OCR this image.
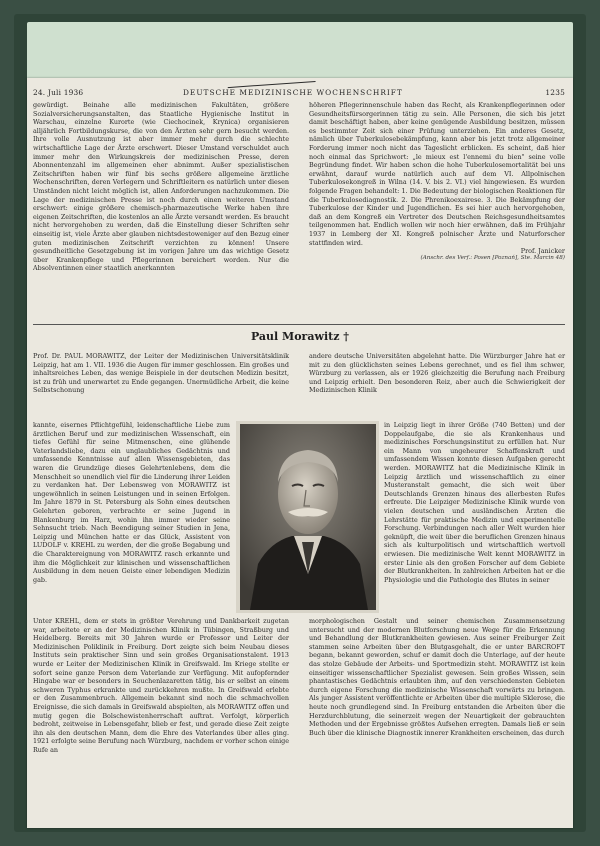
24. Juli 1936	DEUTSCHE MEDIZINISCHE WOCHENSCHRIFT	1235

gewürdigt. Beinahe alle medizinischen Fakultäten, größere Sozialversicherungsanstalten, das Staatliche Hygienische Institut in Warschau, einzelne Kurorte (wie Ciechocinek, Krynica) organisieren alljährlich Fortbildungskurse, die von den Ärzten sehr gern besucht werden. Ihre volle Ausnutzung ist aber immer mehr durch die schlechte wirtschaftliche Lage der Ärzte erschwert. Dieser Umstand verschuldet auch immer mehr den Wirkungskreis der medizinischen Presse, deren Abonnentenzahl im allgemeinen eher abnimmt. Außer spezialistischen Zeitschriften haben wir fünf bis sechs größere allgemeine ärztliche Wochenschriften, deren Verlegern und Schriftleitern es natürlich unter diesen Umständen nicht leicht möglich ist, allen Anforderungen nachzukommen. Die Lage der medizinischen Presse ist noch durch einen weiteren Umstand erschwert: einige größere chemisch-pharmazeutische Werke haben ihre eigenen Zeitschriften, die kostenlos an alle Ärzte versandt werden. Es braucht nicht hervorgehoben zu werden, daß die Einstellung dieser Schriften sehr einseitig ist, viele Ärzte aber glauben nichtsdestoweniger auf den Bezug einer guten medizinischen Zeitschrift verzichten zu können! Unsere gesundheitliche Gesetzgebung ist im vorigen Jahre um das wichtige Gesetz über Krankenpflege und Pflegerinnen bereichert worden. Nur die Absolventinnen einer staatlich anerkannten

höheren Pflegerinnenschule haben das Recht, als Krankenpflegerinnen oder Gesundheitsfürsorgerinnen tätig zu sein. Alle Personen, die sich bis jetzt damit beschäftigt haben, aber keine genügende Ausbildung besitzen, müssen es bestimmter Zeit sich einer Prüfung unterziehen. Ein anderes Gesetz, nämlich über Tuberkulosebekämpfung, kann aber bis jetzt trotz allgemeiner Forderung immer noch nicht das Tageslicht erblicken. Es scheint, daß hier noch einmal das Sprichwort: „le mieux est l'ennemi du bien" seine volle Begründung findet. Wir haben schon die hohe Tuberkulosemortalität bei uns erwähnt, darauf wurde natürlich auch auf dem VI. Allpolnischen Tuberkulosekongreß in Wilna (14. V. bis 2. VI.) viel hingewiesen. Es wurden folgende Fragen behandelt: 1. Die Bedeutung der biologischen Reaktionen für die Tuberkulosediagnostik. 2. Die Phrenikoexairese. 3. Die Bekämpfung der Tuberkulose der Kinder und Jugendlichen. Es sei hier auch hervorgehoben, daß an dem Kongreß ein Vertreter des Deutschen Reichsgesundheitsamtes teilgenommen hat. Endlich wollen wir noch hier erwähnen, daß im Frühjahr 1937 in Lemberg der XI. Kongreß polnischer Ärzte und Naturforscher stattfinden wird.

Prof. Janicker

(Anschr. des Verf.: Posen [Poznań], Ste. Marcin 48)

Paul Morawitz †

Prof. Dr. PAUL MORAWITZ, der Leiter der Medizinischen Universitätsklinik Leipzig, hat am 1. VII. 1936 die Augen für immer geschlossen. Ein großes und inhaltsreiches Leben, das wenige Beispiele in der deutschen Medizin besitzt, ist zu früh und unerwartet zu Ende gegangen. Unermüdliche Arbeit, die keine Selbstschonung

andere deutsche Universitäten abgelehnt hatte. Die Würzburger Jahre hat er mit zu den glücklichsten seines Lebens gerechnet, und es fiel ihm schwer, Würzburg zu verlassen, als er 1926 gleichzeitig die Berufung nach Freiburg und Leipzig erhielt. Den besonderen Reiz, aber auch die Schwierigkeit der Medizinischen Klinik

kannte, eisernes Pflichtgefühl, leidenschaftliche Liebe zum ärztlichen Beruf und zur medizinischen Wissenschaft, ein tiefes Gefühl für seine Mitmenschen, eine glühende Vaterlandsliebe, dazu ein unglaubliches Gedächtnis und umfassende Kenntnisse auf allen Wissensgebieten, das waren die Grundzüge dieses Gelehrtenlebens, dem die Menschheit so unendlich viel für die Linderung ihrer Leiden zu verdanken hat. Der Lebensweg von MORAWITZ ist ungewöhnlich in seinen Leistungen und in seinen Erfolgen. Im Jahre 1879 in St. Petersburg als Sohn eines deutschen Gelehrten geboren, verbrachte er seine Jugend in Blankenburg im Harz, wohin ihn immer wieder seine Sehnsucht trieb. Nach Beendigung seiner Studien in Jena, Leipzig und München hatte er das Glück, Assistent von LUDOLF v. KREHL zu werden, der die große Begabung und die Charaktereignung von MORAWITZ rasch erkannte und ihm die Möglichkeit zur klinischen und wissenschaftlichen Ausbildung in dem neuen Geiste einer lebendigen Medizin gab.

in Leipzig liegt in ihrer Größe (740 Betten) und der Doppelaufgabe, die sie als Krankenhaus und medizinisches Forschungsinstitut zu erfüllen hat. Nur ein Mann von ungeheurer Schaffenskraft und umfassendem Wissen konnte diesen Aufgaben gerecht werden. MORAWITZ hat die Medizinische Klinik in Leipzig ärztlich und wissenschaftlich zu einer Musteranstalt gemacht, die sich weit über Deutschlands Grenzen hinaus des allerbesten Rufes erfreute. Die Leipziger Medizinische Klinik wurde von vielen deutschen und ausländischen Ärzten die Lehrstätte für praktische Medizin und experimentelle Forschung. Verbindungen nach aller Welt wurden hier geknüpft, die weit über die beruflichen Grenzen hinaus sich als kulturpolitisch und wirtschaftlich wertvoll erwiesen. Die medizinische Welt kennt MORAWITZ in erster Linie als den großen Forscher auf dem Gebiete der Blutkrankheiten. In zahlreichen Arbeiten hat er die Physiologie und die Pathologie des Blutes in seiner

Unter KREHL, dem er stets in größter Verehrung und Dankbarkeit zugetan war, arbeitete er an der Medizinischen Klinik in Tübingen, Straßburg und Heidelberg. Bereits mit 30 Jahren wurde er Professor und Leiter der Medizinischen Poliklinik in Freiburg. Dort zeigte sich beim Neubau dieses Instituts sein praktischer Sinn und sein großes Organisationstalent. 1913 wurde er Leiter der Medizinischen Klinik in Greifswald. Im Kriege stellte er sofort seine ganze Person dem Vaterlande zur Verfügung. Mit aufopfernder Hingabe war er besonders in Seuchenlazaretten tätig, bis er selbst an einem schweren Typhus erkrankte und zurückkehren mußte. In Greifswald erlebte er den Zusammenbruch. Allgemein bekannt sind noch die schmachvollen Ereignisse, die sich damals in Greifswald abspielten, als MORAWITZ offen und mutig gegen die Bolschewistenherrschaft auftrat. Verfolgt, körperlich bedroht, zeitweise in Lebensgefahr, blieb er fest, und gerade diese Zeit zeigte ihn als den deutschen Mann, dem die Ehre des Vaterlandes über alles ging. 1921 erfolgte seine Berufung nach Würzburg, nachdem er vorher schon einige Rufe an

morphologischen Gestalt und seiner chemischen Zusammensetzung untersucht und der modernen Blutforschung neue Wege für die Erkennung und Behandlung der Blutkrankheiten gewiesen. Aus seiner Freiburger Zeit stammen seine Arbeiten über den Blutgasgehalt, die er unter BARCROFT begann, bekannt geworden, schuf er damit doch die Unterlage, auf der heute das stolze Gebäude der Arbeits- und Sportmedizin steht. MORAWITZ ist kein einseitiger wissenschaftlicher Spezialist gewesen. Sein großes Wissen, sein phantastisches Gedächtnis erlaubten ihm, auf den verschiedensten Gebieten durch eigene Forschung die medizinische Wissenschaft vorwärts zu bringen. Als junger Assistent veröffentlichte er Arbeiten über die multiple Sklerose, die heute noch grundlegend sind. In Freiburg entstanden die Arbeiten über die Herzdurchblutung, die seinerzeit wegen der Neuartigkeit der gebrauchten Methoden und der Ergebnisse größtes Aufsehen erregten. Damals ließ er sein Buch über die klinische Diagnostik innerer Krankheiten erscheinen, das durch
